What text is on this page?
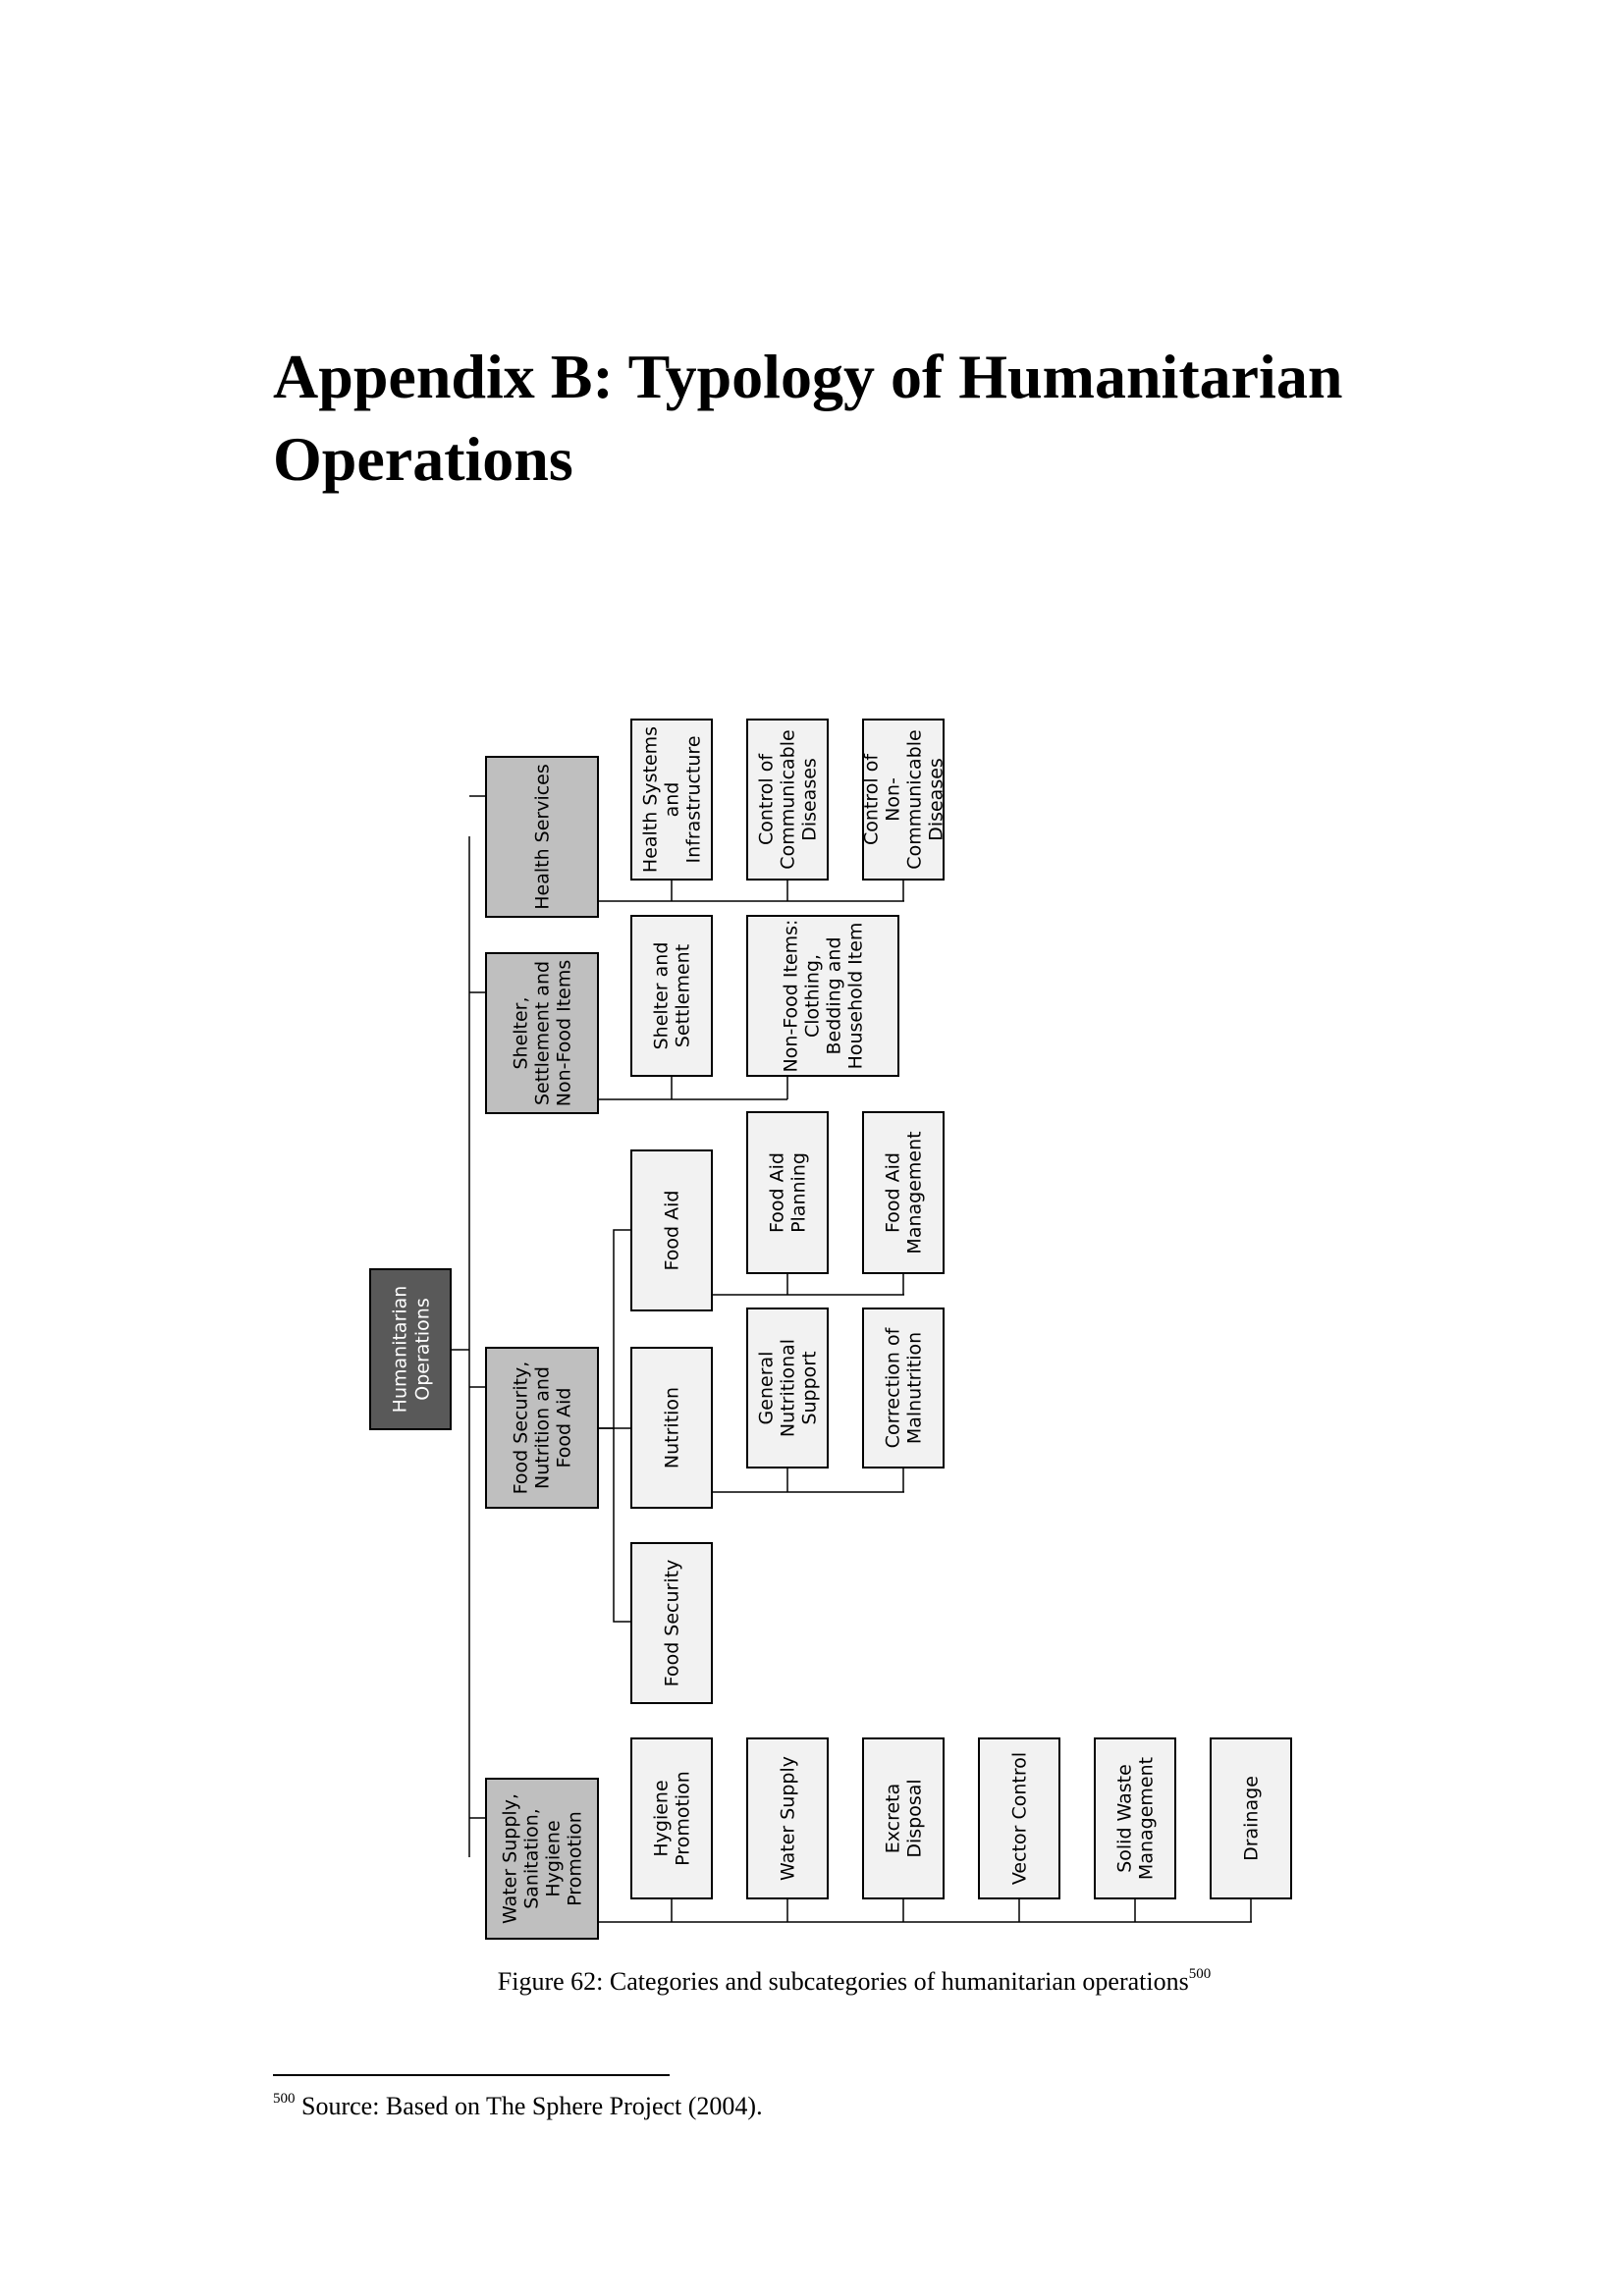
Appendix B: Typology of Humanitarian Operations
HumanitarianOperations
Water Supply,Sanitation,HygienePromotion
Food Security,Nutrition andFood Aid
Shelter,Settlement andNon-Food Items
Health Services
HygienePromotion	Water Supply	ExcretaDisposal	Vector Control	Solid WasteManagement	Drainage
Food Security
Nutrition
Food Aid
GeneralNutritionalSupport	Correction ofMalnutrition
Food AidPlanning	Food AidManagement
Shelter andSettlement	Non-Food Items:Clothing,Bedding andHousehold Item
Health SystemsandInfrastructure	Control ofCommunicableDiseases Control ofNon-CommunicableDiseases
Figure 62: Categories and subcategories of humanitarian operations$^{500}$
$^{500}$ Source: Based on The Sphere Project (2004).
